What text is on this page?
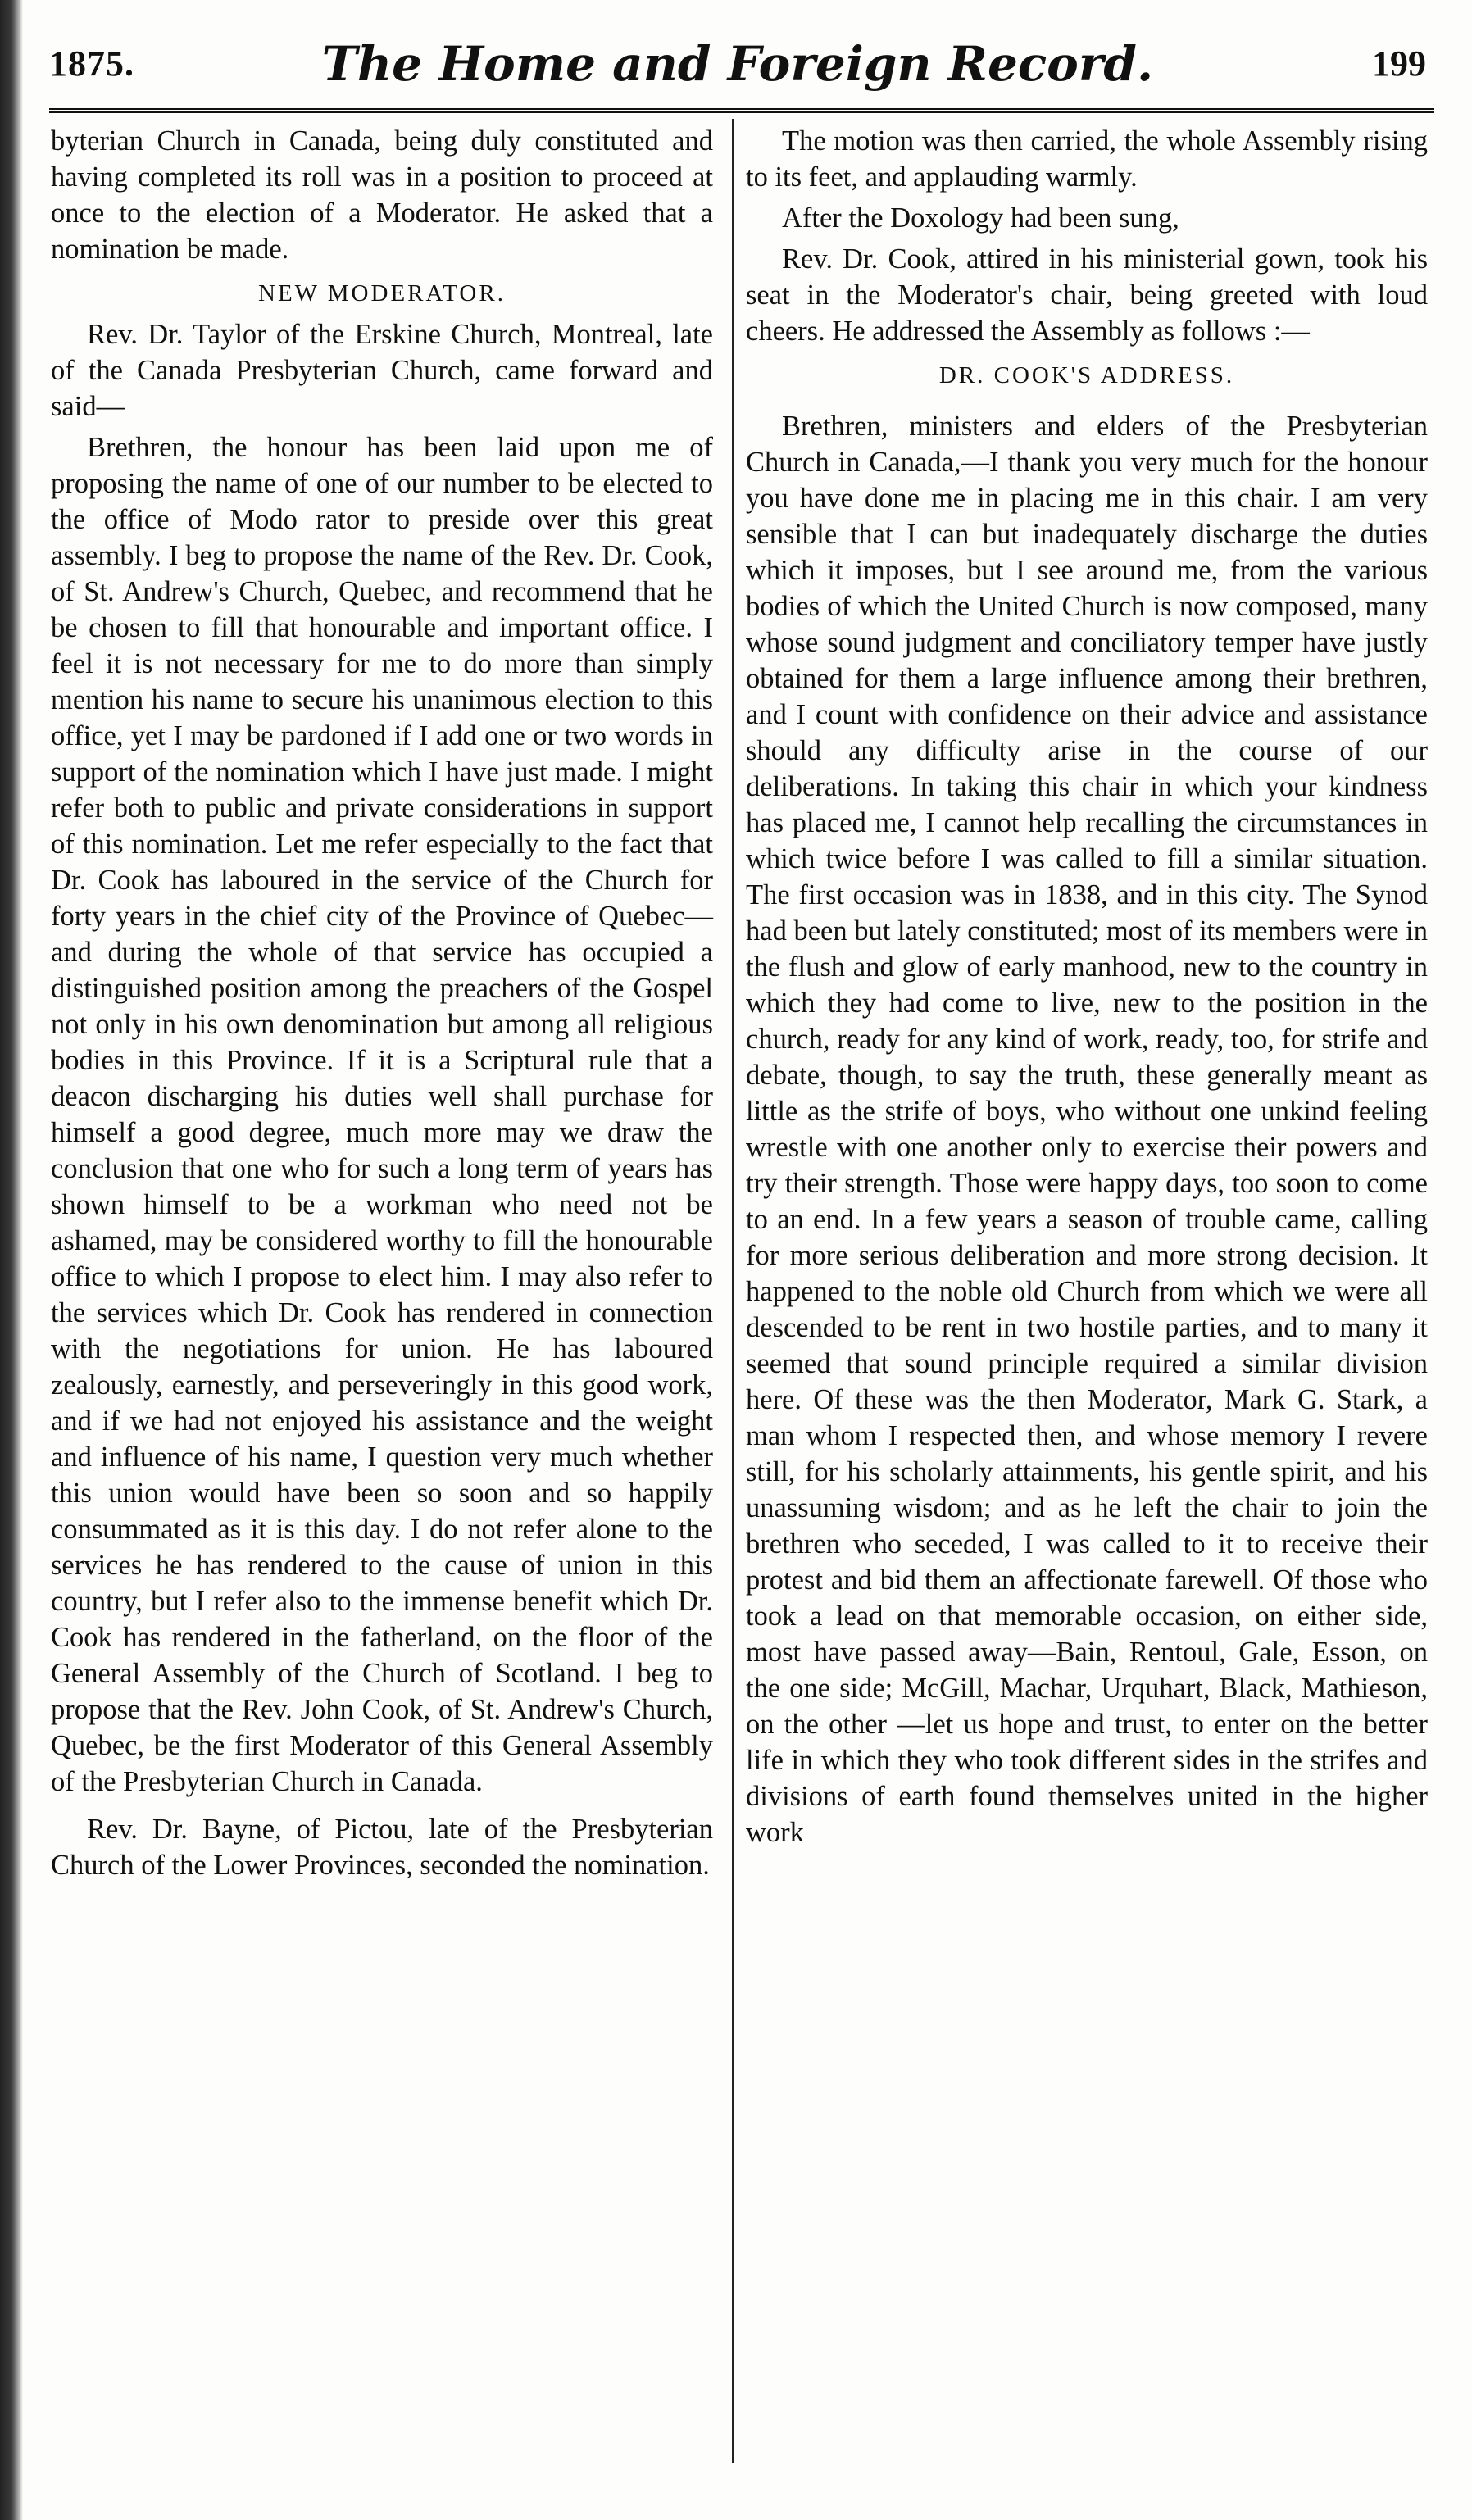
1875.	The Home and Foreign Record.	199

byterian Church in Canada, being duly constituted and having completed its roll was in a position to proceed at once to the election of a Moderator. He asked that a nomination be made.

NEW MODERATOR.

Rev. Dr. Taylor of the Erskine Church, Montreal, late of the Canada Presbyterian Church, came forward and said—

Brethren, the honour has been laid upon me of proposing the name of one of our number to be elected to the office of Modo rator to preside over this great assembly. I beg to propose the name of the Rev. Dr. Cook, of St. Andrew's Church, Quebec, and recommend that he be chosen to fill that honourable and important office. I feel it is not necessary for me to do more than simply mention his name to secure his unanimous election to this office, yet I may be pardoned if I add one or two words in support of the nomination which I have just made. I might refer both to public and private considerations in support of this nomination. Let me refer especially to the fact that Dr. Cook has laboured in the service of the Church for forty years in the chief city of the Province of Quebec—and during the whole of that service has occupied a distinguished position among the preachers of the Gospel not only in his own denomination but among all religious bodies in this Province. If it is a Scriptural rule that a deacon discharging his duties well shall purchase for himself a good degree, much more may we draw the conclusion that one who for such a long term of years has shown himself to be a workman who need not be ashamed, may be considered worthy to fill the honourable office to which I propose to elect him. I may also refer to the services which Dr. Cook has rendered in connection with the negotiations for union. He has laboured zealously, earnestly, and perseveringly in this good work, and if we had not enjoyed his assistance and the weight and influence of his name, I question very much whether this union would have been so soon and so happily consummated as it is this day. I do not refer alone to the services he has rendered to the cause of union in this country, but I refer also to the immense benefit which Dr. Cook has rendered in the fatherland, on the floor of the General Assembly of the Church of Scotland. I beg to propose that the Rev. John Cook, of St. Andrew's Church, Quebec, be the first Moderator of this General Assembly of the Presbyterian Church in Canada.

Rev. Dr. Bayne, of Pictou, late of the Presbyterian Church of the Lower Provinces, seconded the nomination.

The motion was then carried, the whole Assembly rising to its feet, and applauding warmly.

After the Doxology had been sung,

Rev. Dr. Cook, attired in his ministerial gown, took his seat in the Moderator's chair, being greeted with loud cheers. He addressed the Assembly as follows :—

DR. COOK'S ADDRESS.

Brethren, ministers and elders of the Presbyterian Church in Canada,—I thank you very much for the honour you have done me in placing me in this chair. I am very sensible that I can but inadequately discharge the duties which it imposes, but I see around me, from the various bodies of which the United Church is now composed, many whose sound judgment and conciliatory temper have justly obtained for them a large influence among their brethren, and I count with confidence on their advice and assistance should any difficulty arise in the course of our deliberations. In taking this chair in which your kindness has placed me, I cannot help recalling the circumstances in which twice before I was called to fill a similar situation. The first occasion was in 1838, and in this city. The Synod had been but lately constituted; most of its members were in the flush and glow of early manhood, new to the country in which they had come to live, new to the position in the church, ready for any kind of work, ready, too, for strife and debate, though, to say the truth, these generally meant as little as the strife of boys, who without one unkind feeling wrestle with one another only to exercise their powers and try their strength. Those were happy days, too soon to come to an end. In a few years a season of trouble came, calling for more serious deliberation and more strong decision. It happened to the noble old Church from which we were all descended to be rent in two hostile parties, and to many it seemed that sound principle required a similar division here. Of these was the then Moderator, Mark G. Stark, a man whom I respected then, and whose memory I revere still, for his scholarly attainments, his gentle spirit, and his unassuming wisdom; and as he left the chair to join the brethren who seceded, I was called to it to receive their protest and bid them an affectionate farewell. Of those who took a lead on that memorable occasion, on either side, most have passed away—Bain, Rentoul, Gale, Esson, on the one side; McGill, Machar, Urquhart, Black, Mathieson, on the other —let us hope and trust, to enter on the better life in which they who took different sides in the strifes and divisions of earth found themselves united in the higher work
